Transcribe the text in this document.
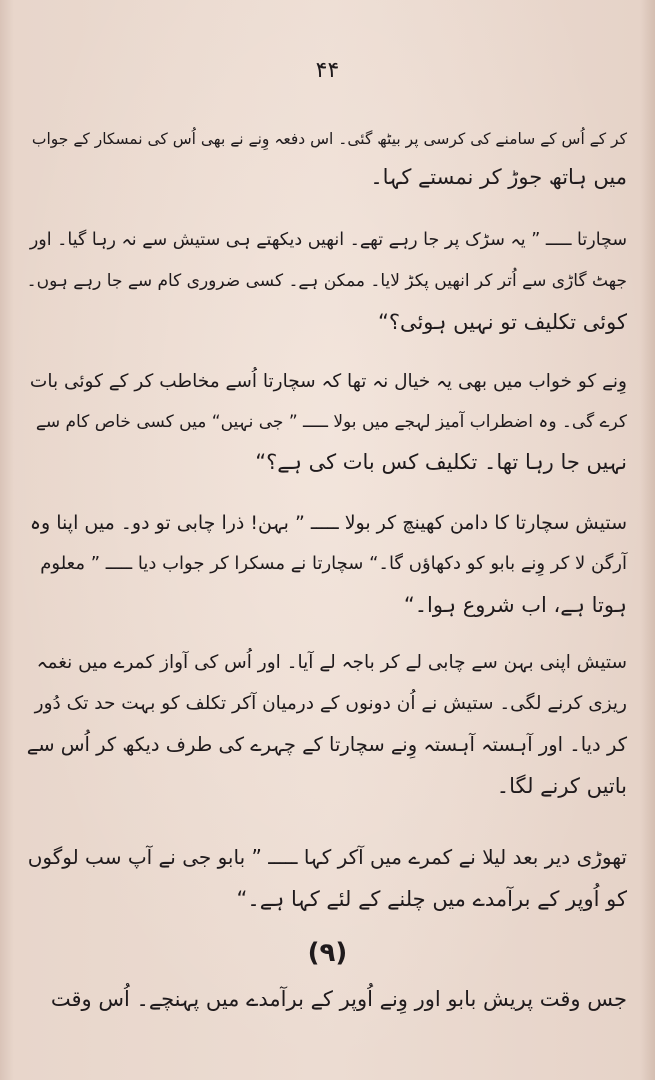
۴۴
کر کے اُس کے سامنے کی کرسی پر بیٹھ گئی۔ اس دفعہ وِنے نے بھی اُس کی نمسکار کے جواب
میں ہاتھ جوڑ کر نمستے کہا۔
سچارتا ـــــ ” یہ سڑک پر جا رہے تھے۔ انھیں دیکھتے ہی ستیش سے نہ رہا گیا۔ اور
جھٹ گاڑی سے اُتر کر انھیں پکڑ لایا۔ ممکن ہے۔ کسی ضروری کام سے جا رہے ہوں۔
کوئی تکلیف تو نہیں ہوئی؟“
وِنے کو خواب میں بھی یہ خیال نہ تھا کہ سچارتا اُسے مخاطب کر کے کوئی بات
کرے گی۔ وہ اضطراب آمیز لہجے میں بولا ـــــ ” جی نہیں“ میں کسی خاص کام سے
نہیں جا رہا تھا۔ تکلیف کس بات کی ہے؟“
ستیش سچارتا کا دامن کھینچ کر بولا ـــــ ” بہن! ذرا چابی تو دو۔ میں اپنا وہ
آرگن لا کر وِنے بابو کو دکھاؤں گا۔“ سچارتا نے مسکرا کر جواب دیا ـــــ ” معلوم
ہوتا ہے، اب شروع ہوا۔“
ستیش اپنی بہن سے چابی لے کر باجہ لے آیا۔ اور اُس کی آواز کمرے میں نغمہ
ریزی کرنے لگی۔ ستیش نے اُن دونوں کے درمیان آکر تکلف کو بہت حد تک دُور
کر دیا۔ اور آہستہ آہستہ وِنے سچارتا کے چہرے کی طرف دیکھ کر اُس سے
باتیں کرنے لگا۔
تھوڑی دیر بعد لیلا نے کمرے میں آکر کہا ـــــ ” بابو جی نے آپ سب لوگوں
کو اُوپر کے برآمدے میں چلنے کے لئے کہا ہے۔“
(۹)
جس وقت پریش بابو اور وِنے اُوپر کے برآمدے میں پہنچے۔ اُس وقت
